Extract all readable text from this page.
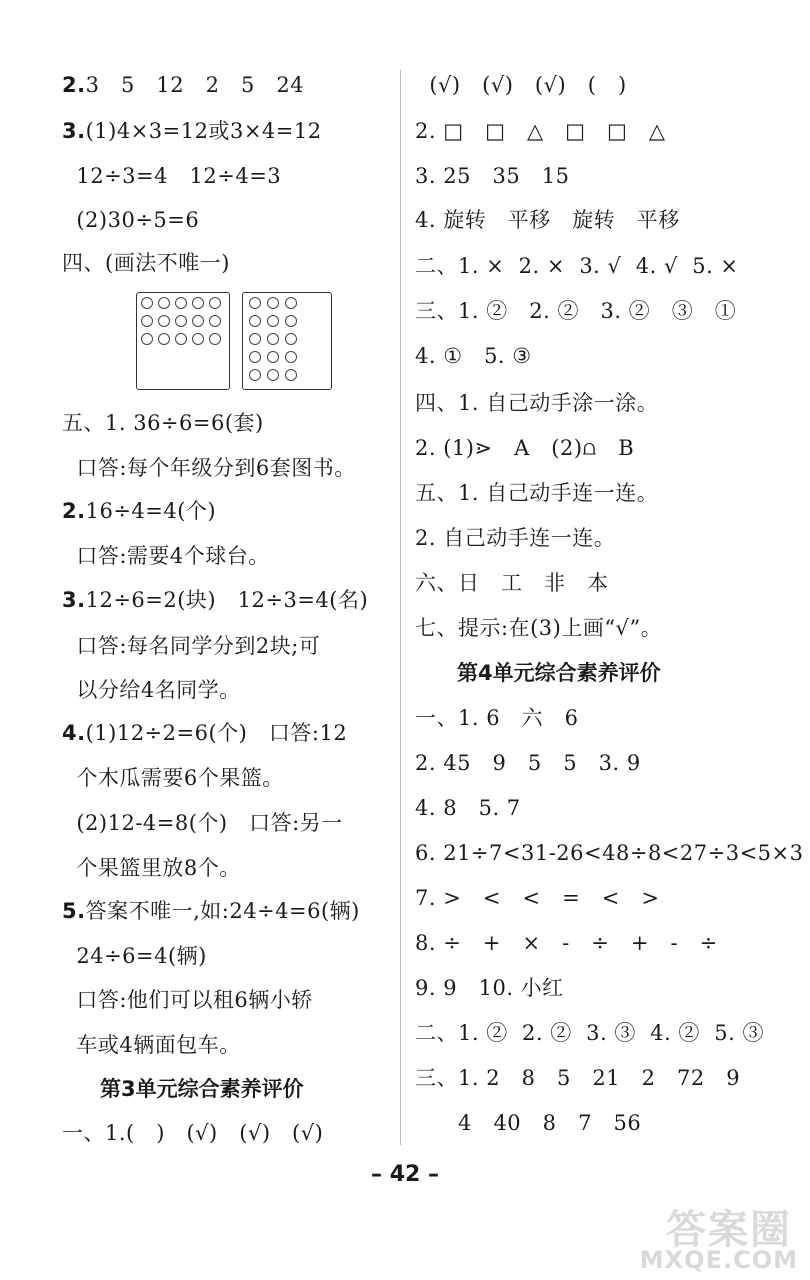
2.3   5   12   2   5   24
3.(1)4×3=12或3×4=12
12÷3=4   12÷4=3
(2)30÷5=6
四、(画法不唯一)
五、1. 36÷6=6(套)
口答:每个年级分到6套图书。
2.16÷4=4(个)
口答:需要4个球台。
3.12÷6=2(块)   12÷3=4(名)
口答:每名同学分到2块;可
以分给4名同学。
4.(1)12÷2=6(个)   口答:12
个木瓜需要6个果篮。
(2)12-4=8(个)   口答:另一
个果篮里放8个。
5.答案不唯一,如:24÷4=6(辆)
24÷6=4(辆)
口答:他们可以租6辆小轿
车或4辆面包车。
第3单元综合素养评价
一、1.(   )   (√)   (√)   (√)
(√)   (√)   (√)   (   )
2. □   □   △   □   □   △
3. 25   35   15
4. 旋转   平移   旋转   平移
二、1. ×  2. ×  3. √  4. √  5. ×
三、1. ②   2. ②   3. ②   ③   ①
4. ①   5. ③
四、1. 自己动手涂一涂。
2. (1)⋗   A   (2)⩍   B
五、1. 自己动手连一连。
2. 自己动手连一连。
六、日   工   非   本
七、提示:在(3)上画“√”。
第4单元综合素养评价
一、1. 6   六   6
2. 45   9   5   5   3. 9
4. 8   5. 7
6. 21÷7<31-26<48÷8<27÷3<5×3
7. >   <   <   =   <   >
8. ÷   +   ×   -   ÷   +   -   ÷
9. 9   10. 小红
二、1. ②  2. ②  3. ③  4. ②  5. ③
三、1. 2   8   5   21   2   72   9
4   40   8   7   56
– 42 –
答案圈
MXQE.COM
